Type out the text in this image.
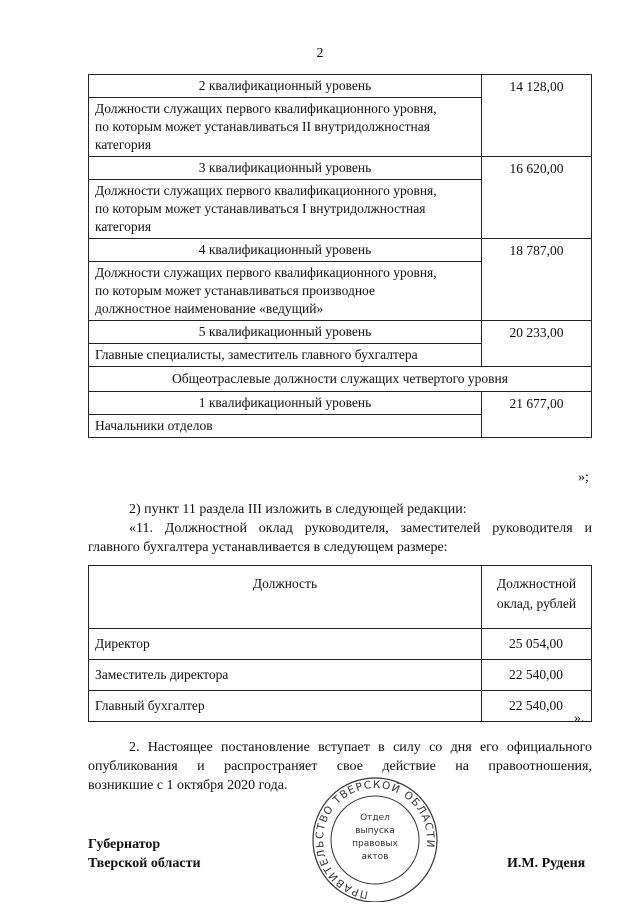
2
2 квалификационный уровень	14 128,00

Должности служащих первого квалификационного уровня,
по которым может устанавливаться II внутридолжностная
категория	

3 квалификационный уровень	16 620,00

Должности служащих первого квалификационного уровня,
по которым может устанавливаться I внутридолжностная
категория	

4 квалификационный уровень	18 787,00

Должности служащих первого квалификационного уровня,
по которым может устанавливаться производное
должностное наименование «ведущий»	

5 квалификационный уровень	20 233,00

Главные специалисты, заместитель главного бухгалтера	

Общеотраслевые должности служащих четвертого уровня	
1 квалификационный уровень	21 677,00

Начальники отделов	
»;
2) пункт 11 раздела III изложить в следующей редакции:
«11. Должностной оклад руководителя, заместителей руководителя и
главного бухгалтера устанавливается в следующем размере:
Должность	Должностной
оклад, рублей
Директор	25 054,00
Заместитель директора	22 540,00
Главный бухгалтер	22 540,00
».
2. Настоящее постановление вступает в силу со дня его официального
опубликования и распространяет свое действие на правоотношения,
возникшие с 1 октября 2020 года.
Губернатор
Тверской области	И.М. Руденя
ПРАВИТЕЛЬСТВО ТВЕРСКОЙ ОБЛАСТИ
Отдел
выпуска
правовых
актов
